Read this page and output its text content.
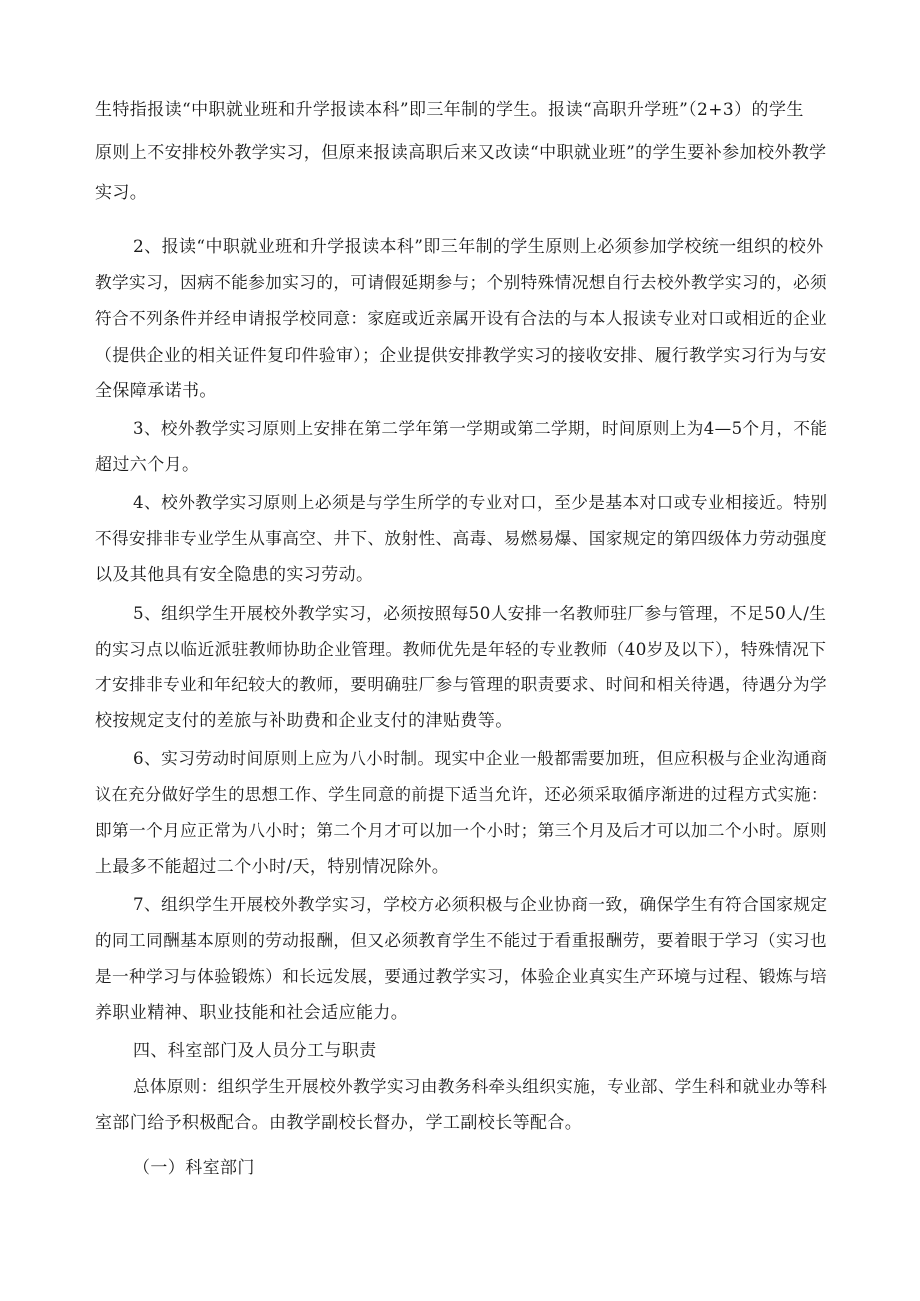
生特指报读“中职就业班和升学报读本科”即三年制的学生。报读“高职升学班”（2+3）的学生
原则上不安排校外教学实习，但原来报读高职后来又改读“中职就业班”的学生要补参加校外教学
实习。
2、报读“中职就业班和升学报读本科”即三年制的学生原则上必须参加学校统一组织的校外
教学实习，因病不能参加实习的，可请假延期参与；个别特殊情况想自行去校外教学实习的，必须
符合不列条件并经申请报学校同意：家庭或近亲属开设有合法的与本人报读专业对口或相近的企业
（提供企业的相关证件复印件验审）；企业提供安排教学实习的接收安排、履行教学实习行为与安
全保障承诺书。
3、校外教学实习原则上安排在第二学年第一学期或第二学期，时间原则上为4—5个月，不能
超过六个月。
4、校外教学实习原则上必须是与学生所学的专业对口，至少是基本对口或专业相接近。特别
不得安排非专业学生从事高空、井下、放射性、高毒、易燃易爆、国家规定的第四级体力劳动强度
以及其他具有安全隐患的实习劳动。
5、组织学生开展校外教学实习，必须按照每50人安排一名教师驻厂参与管理，不足50人/生
的实习点以临近派驻教师协助企业管理。教师优先是年轻的专业教师（40岁及以下），特殊情况下
才安排非专业和年纪较大的教师，要明确驻厂参与管理的职责要求、时间和相关待遇，待遇分为学
校按规定支付的差旅与补助费和企业支付的津贴费等。
6、实习劳动时间原则上应为八小时制。现实中企业一般都需要加班，但应积极与企业沟通商
议在充分做好学生的思想工作、学生同意的前提下适当允许，还必须采取循序渐进的过程方式实施：
即第一个月应正常为八小时；第二个月才可以加一个小时；第三个月及后才可以加二个小时。原则
上最多不能超过二个小时/天，特别情况除外。
7、组织学生开展校外教学实习，学校方必须积极与企业协商一致，确保学生有符合国家规定
的同工同酬基本原则的劳动报酬，但又必须教育学生不能过于看重报酬劳，要着眼于学习（实习也
是一种学习与体验锻炼）和长远发展，要通过教学实习，体验企业真实生产环境与过程、锻炼与培
养职业精神、职业技能和社会适应能力。
四、科室部门及人员分工与职责
总体原则：组织学生开展校外教学实习由教务科牵头组织实施，专业部、学生科和就业办等科
室部门给予积极配合。由教学副校长督办，学工副校长等配合。
（一）科室部门
